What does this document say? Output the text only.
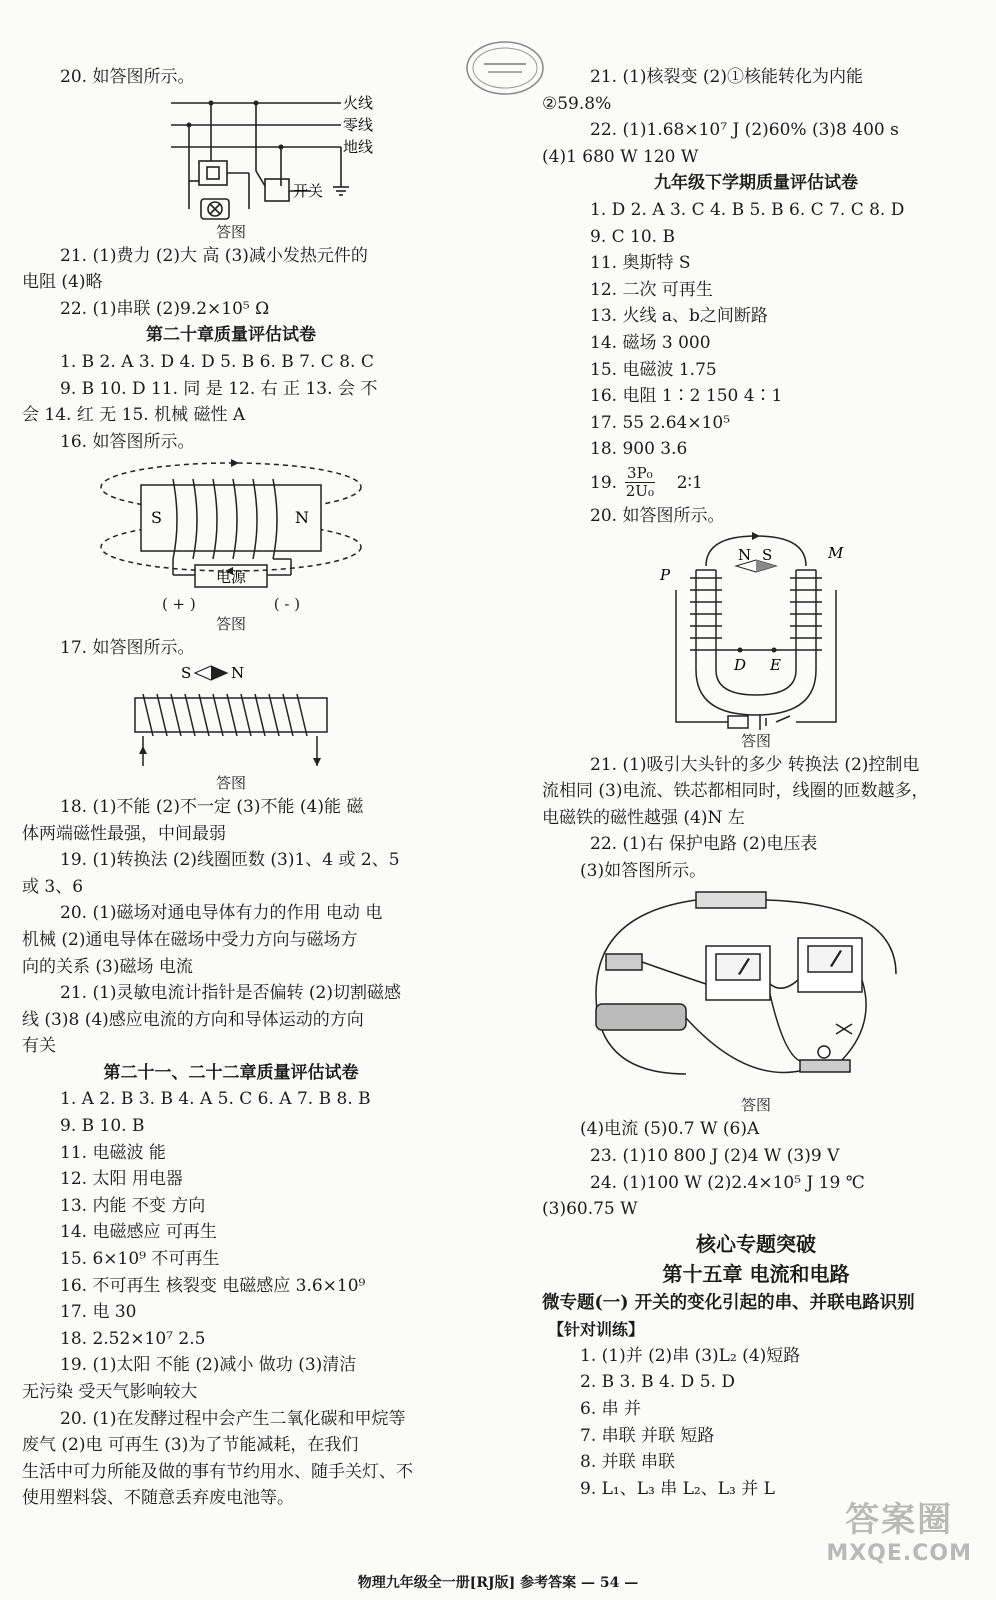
20. 如答图所示。
火线
零线
地线
开关
答图
21. (1)费力 (2)大 高 (3)减小发热元件的
电阻 (4)略
22. (1)串联 (2)9.2×10⁵ Ω
第二十章质量评估试卷
1. B 2. A 3. D 4. D 5. B 6. B 7. C 8. C
9. B 10. D 11. 同 是 12. 右 正 13. 会 不
会 14. 红 无 15. 机械 磁性 A
16. 如答图所示。
S	N
电源
( + )	( - )
答图
17. 如答图所示。
S	N
答图
18. (1)不能 (2)不一定 (3)不能 (4)能 磁
体两端磁性最强，中间最弱
19. (1)转换法 (2)线圈匝数 (3)1、4 或 2、5
或 3、6
20. (1)磁场对通电导体有力的作用 电动 电
机械 (2)通电导体在磁场中受力方向与磁场方
向的关系 (3)磁场 电流
21. (1)灵敏电流计指针是否偏转 (2)切割磁感
线 (3)8 (4)感应电流的方向和导体运动的方向
有关
第二十一、二十二章质量评估试卷
1. A 2. B 3. B 4. A 5. C 6. A 7. B 8. B
9. B 10. B
11. 电磁波 能
12. 太阳 用电器
13. 内能 不变 方向
14. 电磁感应 可再生
15. 6×10⁹ 不可再生
16. 不可再生 核裂变 电磁感应 3.6×10⁹
17. 电 30
18. 2.52×10⁷ 2.5
19. (1)太阳 不能 (2)减小 做功 (3)清洁
无污染 受天气影响较大
20. (1)在发酵过程中会产生二氧化碳和甲烷等
废气 (2)电 可再生 (3)为了节能减耗，在我们
生活中可力所能及做的事有节约用水、随手关灯、不
使用塑料袋、不随意丢弃废电池等。
21. (1)核裂变 (2)①核能转化为内能
②59.8%
22. (1)1.68×10⁷ J (2)60% (3)8 400 s
(4)1 680 W 120 W
九年级下学期质量评估试卷
1. D 2. A 3. C 4. B 5. B 6. C 7. C 8. D
9. C 10. B
11. 奥斯特 S
12. 二次 可再生
13. 火线 a、b之间断路
14. 磁场 3 000
15. 电磁波 1.75
16. 电阻 1∶2 150 4∶1
17. 55 2.64×10⁵
18. 900 3.6
19. $\frac{\text{3P₀}}{\text{2U₀}}$	2∶1
20. 如答图所示。
N S
P
M
D E
答图
21. (1)吸引大头针的多少 转换法 (2)控制电
流相同 (3)电流、铁芯都相同时，线圈的匝数越多，
电磁铁的磁性越强 (4)N 左
22. (1)右 保护电路 (2)电压表
(3)如答图所示。
答图
(4)电流 (5)0.7 W (6)A
23. (1)10 800 J (2)4 W (3)9 V
24. (1)100 W (2)2.4×10⁵ J 19 ℃
(3)60.75 W
核心专题突破
第十五章 电流和电路
微专题(一) 开关的变化引起的串、并联电路识别
【针对训练】
1. (1)并 (2)串 (3)L₂ (4)短路
2. B 3. B 4. D 5. D
6. 串 并
7. 串联 并联 短路
8. 并联 串联
9. L₁、L₃ 串 L₂、L₃ 并 L
答案圈
MXQE.COM
物理九年级全一册[RJ版] 参考答案 — 54 —
